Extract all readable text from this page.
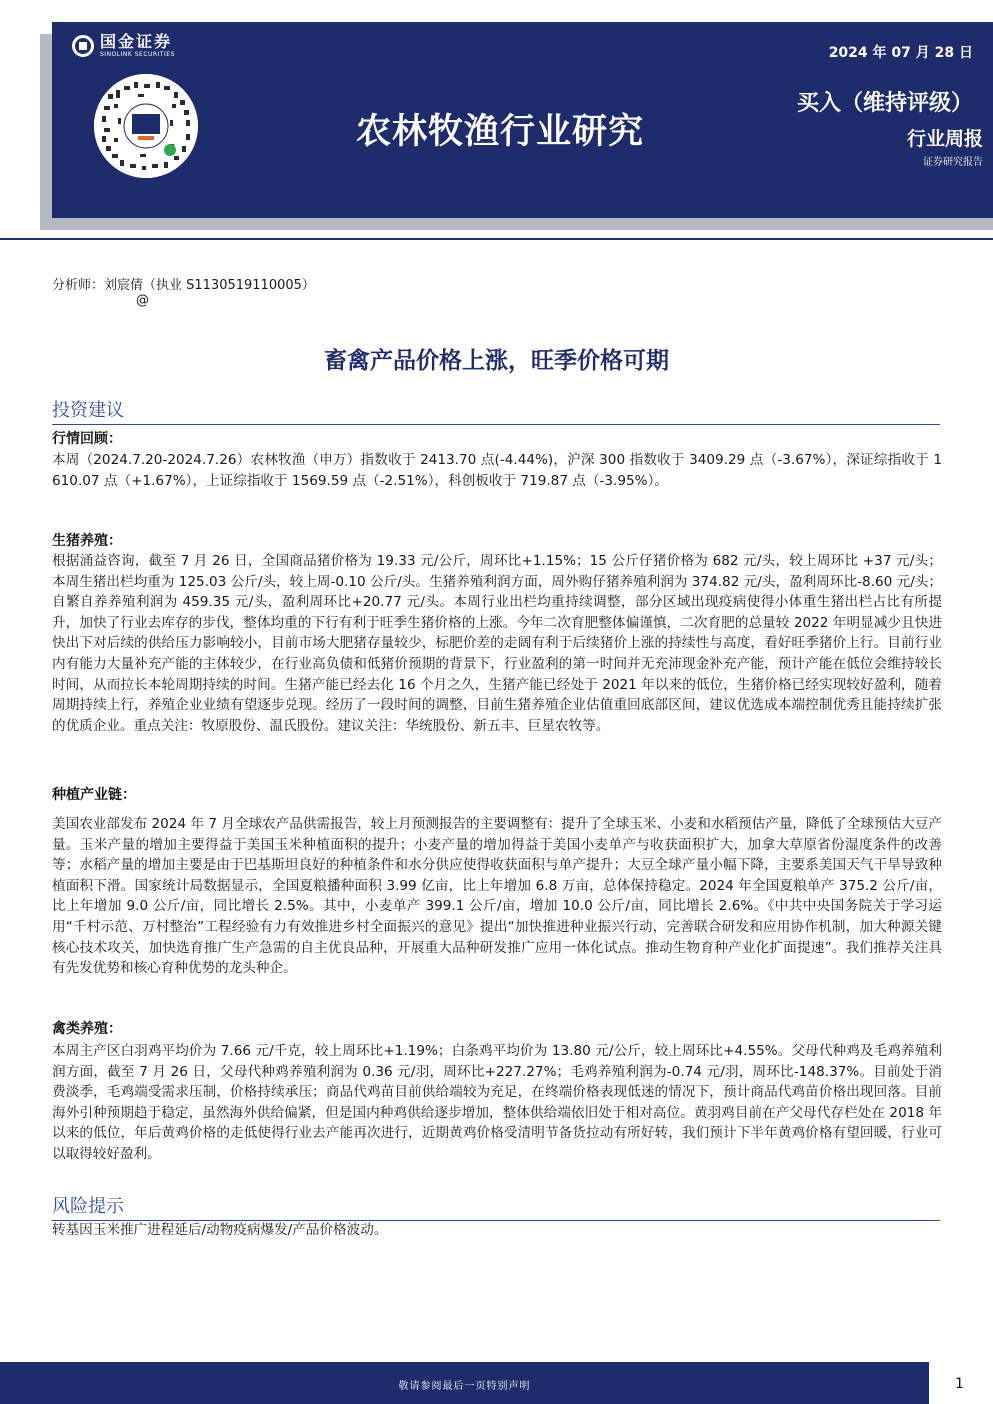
国金证券
SINOLINK SECURITIES
农林牧渔行业研究
2024 年 07 月 28 日
买入（维持评级）
行业周报
证券研究报告
分析师：刘宸倩（执业 S1130519110005）
@
畜禽产品价格上涨，旺季价格可期
投资建议
行情回顾：

本周（2024.7.20-2024.7.26）农林牧渔（申万）指数收于 2413.70 点(-4.44%)，沪深 300 指数收于 3409.29 点（-3.67%），深证综指收于 1610.07 点（+1.67%），上证综指收于 1569.59 点（-2.51%），科创板收于 719.87 点（-3.95%）。

生猪养殖：

根据涌益咨询，截至 7 月 26 日，全国商品猪价格为 19.33 元/公斤，周环比+1.15%；15 公斤仔猪价格为 682 元/头，较上周环比 +37 元/头；本周生猪出栏均重为 125.03 公斤/头，较上周-0.10 公斤/头。生猪养殖利润方面，周外购仔猪养殖利润为 374.82 元/头，盈利周环比-8.60 元/头；自繁自养养殖利润为 459.35 元/头，盈利周环比+20.77 元/头。本周行业出栏均重持续调整，部分区域出现疫病使得小体重生猪出栏占比有所提升，加快了行业去库存的步伐，整体均重的下行有利于旺季生猪价格的上涨。今年二次育肥整体偏谨慎，二次育肥的总量较 2022 年明显减少且快进快出下对后续的供给压力影响较小，目前市场大肥猪存量较少，标肥价差的走阔有利于后续猪价上涨的持续性与高度，看好旺季猪价上行。目前行业内有能力大量补充产能的主体较少，在行业高负债和低猪价预期的背景下，行业盈利的第一时间并无充沛现金补充产能，预计产能在低位会维持较长时间，从而拉长本轮周期持续的时间。生猪产能已经去化 16 个月之久，生猪产能已经处于 2021 年以来的低位，生猪价格已经实现较好盈利，随着周期持续上行，养殖企业业绩有望逐步兑现。经历了一段时间的调整，目前生猪养殖企业估值重回底部区间，建议优选成本端控制优秀且能持续扩张的优质企业。重点关注：牧原股份、温氏股份。建议关注：华统股份、新五丰、巨星农牧等。

种植产业链：

美国农业部发布 2024 年 7 月全球农产品供需报告，较上月预测报告的主要调整有：提升了全球玉米、小麦和水稻预估产量，降低了全球预估大豆产量。玉米产量的增加主要得益于美国玉米种植面积的提升；小麦产量的增加得益于美国小麦单产与收获面积扩大，加拿大草原省份湿度条件的改善等；水稻产量的增加主要是由于巴基斯坦良好的种植条件和水分供应使得收获面积与单产提升；大豆全球产量小幅下降，主要系美国天气干旱导致种植面积下滑。国家统计局数据显示，全国夏粮播种面积 3.99 亿亩，比上年增加 6.8 万亩，总体保持稳定。2024 年全国夏粮单产 375.2 公斤/亩，比上年增加 9.0 公斤/亩，同比增长 2.5%。其中，小麦单产 399.1 公斤/亩，增加 10.0 公斤/亩，同比增长 2.6%。《中共中央国务院关于学习运用“千村示范、万村整治”工程经验有力有效推进乡村全面振兴的意见》提出“加快推进种业振兴行动，完善联合研发和应用协作机制，加大种源关键核心技术攻关，加快选育推广生产急需的自主优良品种，开展重大品种研发推广应用一体化试点。推动生物育种产业化扩面提速”。我们推荐关注具有先发优势和核心育种优势的龙头种企。

禽类养殖：

本周主产区白羽鸡平均价为 7.66 元/千克，较上周环比+1.19%；白条鸡平均价为 13.80 元/公斤，较上周环比+4.55%。父母代种鸡及毛鸡养殖利润方面，截至 7 月 26 日，父母代种鸡养殖利润为 0.36 元/羽，周环比+227.27%；毛鸡养殖利润为-0.74 元/羽，周环比-148.37%。目前处于消费淡季，毛鸡端受需求压制，价格持续承压；商品代鸡苗目前供给端较为充足，在终端价格表现低迷的情况下，预计商品代鸡苗价格出现回落。目前海外引种预期趋于稳定，虽然海外供给偏紧，但是国内种鸡供给逐步增加，整体供给端依旧处于相对高位。黄羽鸡目前在产父母代存栏处在 2018 年以来的低位，年后黄鸡价格的走低使得行业去产能再次进行，近期黄鸡价格受清明节备货拉动有所好转，我们预计下半年黄鸡价格有望回暖，行业可以取得较好盈利。

风险提示

转基因玉米推广进程延后/动物疫病爆发/产品价格波动。

敬请参阅最后一页特别声明	1
